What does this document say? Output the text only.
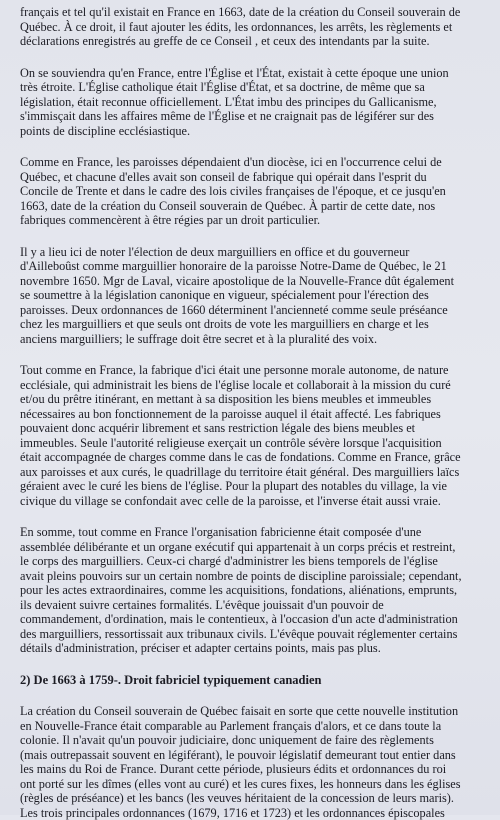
français et tel qu'il existait en France en 1663, date de la création du Conseil souverain de
Québec. À ce droit, il faut ajouter les édits, les ordonnances, les arrêts, les règlements et
déclarations enregistrés au greffe de ce Conseil , et ceux des intendants par la suite.
On se souviendra qu'en France, entre l'Église et l'État, existait à cette époque une union
très étroite. L'Église catholique était l'Église d'État, et sa doctrine, de même que sa
législation, était reconnue officiellement. L'État imbu des principes du Gallicanisme,
s'immisçait dans les affaires même de l'Église et ne craignait pas de légiférer sur des
points de discipline ecclésiastique.
Comme en France, les paroisses dépendaient d'un diocèse, ici en l'occurrence celui de
Québec, et chacune d'elles avait son conseil de fabrique qui opérait dans l'esprit du
Concile de Trente et dans le cadre des lois civiles françaises de l'époque, et ce jusqu'en
1663, date de la création du Conseil souverain de Québec. À partir de cette date, nos
fabriques commencèrent à être régies par un droit particulier.
Il y a lieu ici de noter l'élection de deux marguilliers en office et du gouverneur
d'Ailleboûst comme marguillier honoraire de la paroisse Notre-Dame de Québec, le 21
novembre 1650. Mgr de Laval, vicaire apostolique de la Nouvelle-France dût également
se soumettre à la législation canonique en vigueur, spécialement pour l'érection des
paroisses. Deux ordonnances de 1660 déterminent l'ancienneté comme seule préséance
chez les marguilliers et que seuls ont droits de vote les marguilliers en charge et les
anciens marguilliers; le suffrage doit être secret et à la pluralité des voix.
Tout comme en France, la fabrique d'ici était une personne morale autonome, de nature
ecclésiale, qui administrait les biens de l'église locale et collaborait à la mission du curé
et/ou du prêtre itinérant, en mettant à sa disposition les biens meubles et immeubles
nécessaires au bon fonctionnement de la paroisse auquel il était affecté. Les fabriques
pouvaient donc acquérir librement et sans restriction légale des biens meubles et
immeubles. Seule l'autorité religieuse exerçait un contrôle sévère lorsque l'acquisition
était accompagnée de charges comme dans le cas de fondations. Comme en France, grâce
aux paroisses et aux curés, le quadrillage du territoire était général. Des marguilliers laïcs
géraient avec le curé les biens de l'église. Pour la plupart des notables du village, la vie
civique du village se confondait avec celle de la paroisse, et l'inverse était aussi vraie.
En somme, tout comme en France l'organisation fabricienne était composée d'une
assemblée délibérante et un organe exécutif qui appartenait à un corps précis et restreint,
le corps des marguilliers. Ceux-ci chargé d'administrer les biens temporels de l'église
avait pleins pouvoirs sur un certain nombre de points de discipline paroissiale; cependant,
pour les actes extraordinaires, comme les acquisitions, fondations, aliénations, emprunts,
ils devaient suivre certaines formalités. L'évêque jouissait d'un pouvoir de
commandement, d'ordination, mais le contentieux, à l'occasion d'un acte d'administration
des marguilliers, ressortissait aux tribunaux civils. L'évêque pouvait réglementer certains
détails d'administration, préciser et adapter certains points, mais pas plus.
2) De 1663 à 1759-. Droit fabriciel typiquement canadien
La création du Conseil souverain de Québec faisait en sorte que cette nouvelle institution
en Nouvelle-France était comparable au Parlement français d'alors, et ce dans toute la
colonie. Il n'avait qu'un pouvoir judiciaire, donc uniquement de faire des règlements
(mais outrepassait souvent en légiférant), le pouvoir législatif demeurant tout entier dans
les mains du Roi de France. Durant cette période, plusieurs édits et ordonnances du roi
ont porté sur les dîmes (elles vont au curé) et les cures fixes, les honneurs dans les églises
(règles de préséance) et les bancs (les veuves héritaient de la concession de leurs maris).
Les trois principales ordonnances (1679, 1716 et 1723) et les ordonnances épiscopales
